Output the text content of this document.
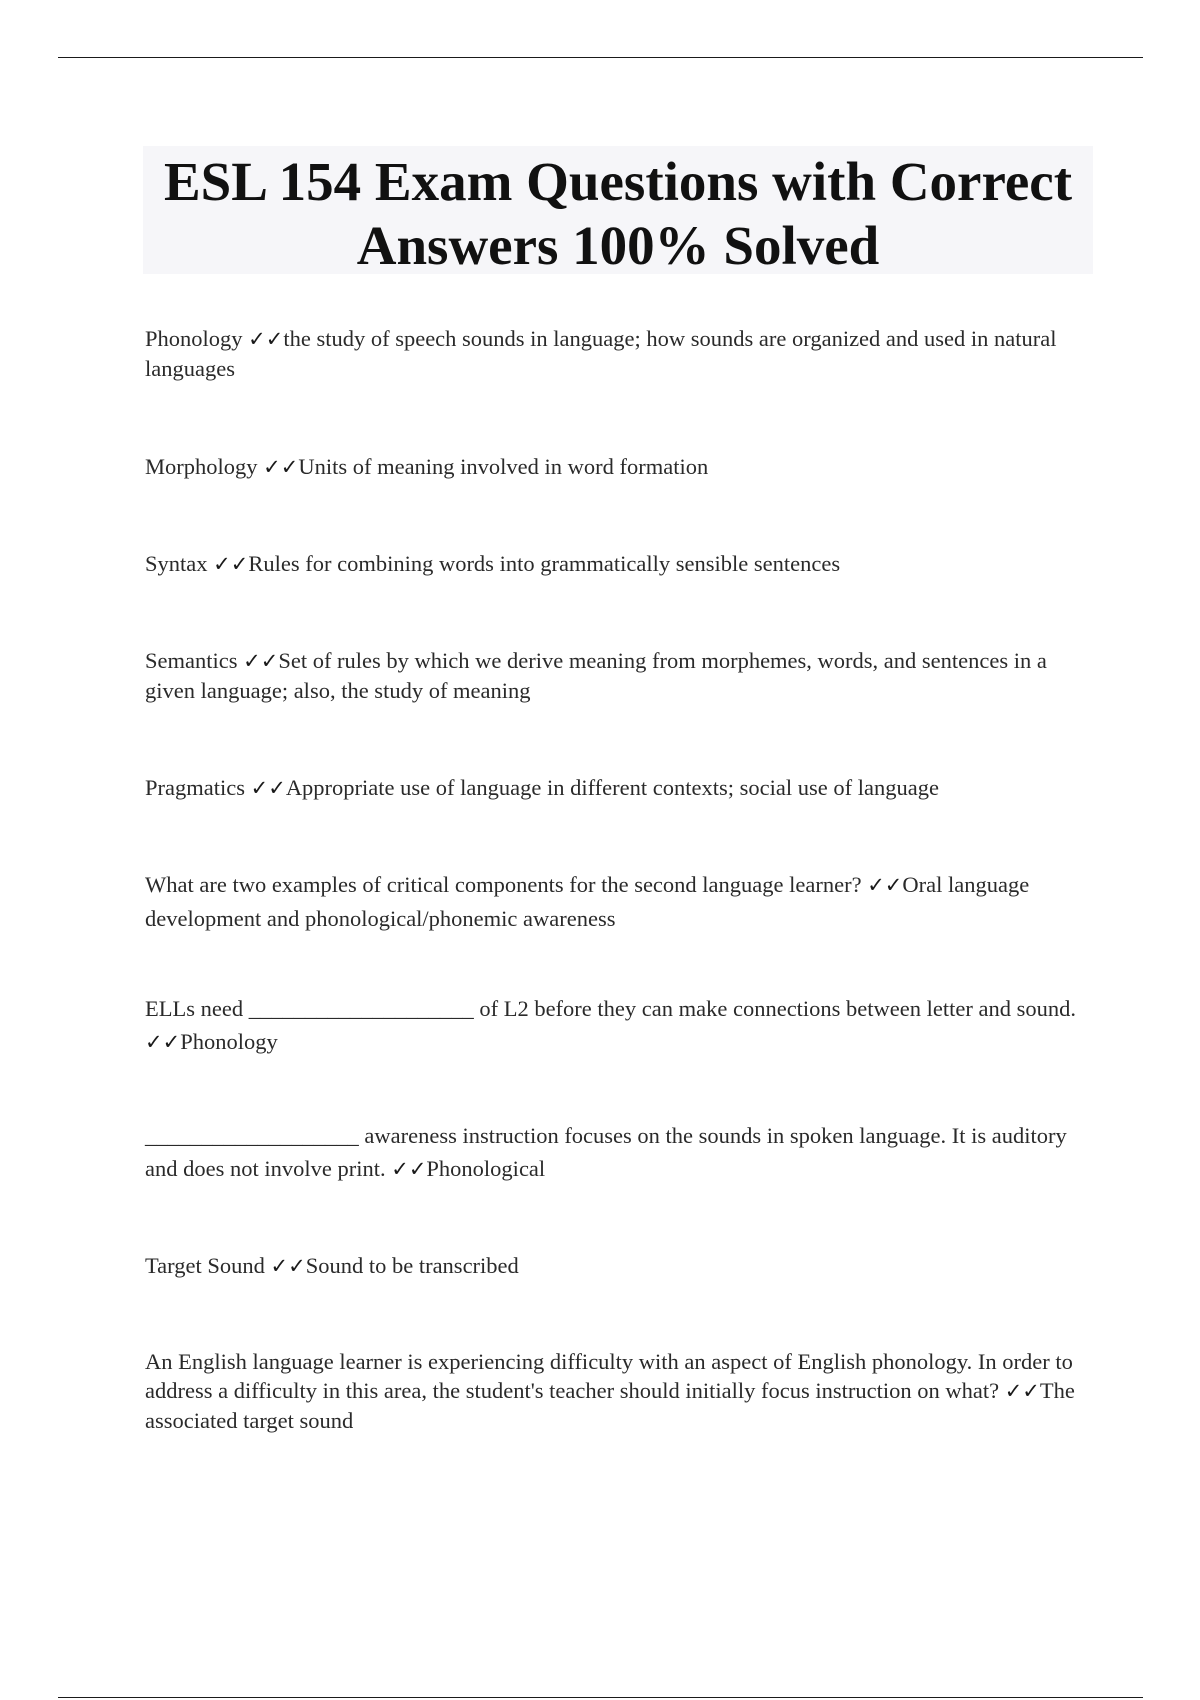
ESL 154 Exam Questions with Correct Answers 100% Solved

Phonology ✓✓the study of speech sounds in language; how sounds are organized and used in natural languages

Morphology ✓✓Units of meaning involved in word formation

Syntax ✓✓Rules for combining words into grammatically sensible sentences

Semantics ✓✓Set of rules by which we derive meaning from morphemes, words, and sentences in a given language; also, the study of meaning

Pragmatics ✓✓Appropriate use of language in different contexts; social use of language

What are two examples of critical components for the second language learner? ✓✓Oral language development and phonological/phonemic awareness

ELLs need ____________________ of L2 before they can make connections between letter and sound. ✓✓Phonology

___________________ awareness instruction focuses on the sounds in spoken language. It is auditory and does not involve print. ✓✓Phonological

Target Sound ✓✓Sound to be transcribed

An English language learner is experiencing difficulty with an aspect of English phonology. In order to address a difficulty in this area, the student's teacher should initially focus instruction on what? ✓✓The associated target sound
